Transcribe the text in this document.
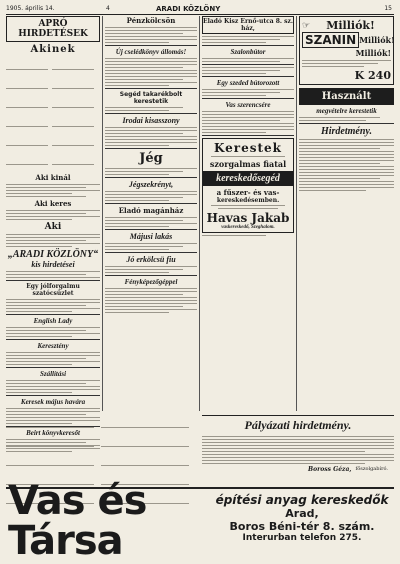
1905. április 14.	4	ARADI KÖZLÖNY	15
APRÓ HIRDETÉSEK
Akinek

Aki kinál
Aki keres
Aki
„ARADI KÖZLÖNY“
kis hirdetései
Egy jólforgalmu szatócsüzlet
English Lady
Keresztény
Szállítási
Keresek május havára
Beirt könyvkeresőt
Pénzkölcsön
Új cselédkönyv állomás!
Segéd takarékbolt kerestetik
Irodai kisasszony
Jég
Jégszekrényt,
Eladó magánház
Májusi lakás
Jó erkölcsü fiu
Fényképezőgéppel
Eladó Kisz Ernő-utca 8. sz. ház,
Szalonbútor
Egy szeded bútorozott
Vas szerencsére
Kerestek
szorgalmas fiatal
kereskedősegéd
a fűszer- és vas-
kereskedésemben.
Havas Jakab
vaskereskedő, Szeghalom.
☞	Milliók!
SZANIN Milliók!
Milliók!
K 240
Használt
megvételre kerestetik
Hirdetmény.
Pályázati hirdetmény.
Boross Géza, főszolgabíró.

Vas és Társa
építési anyag kereskedők
Arad,
Boros Béni-tér 8. szám.
Interurban telefon 275.
